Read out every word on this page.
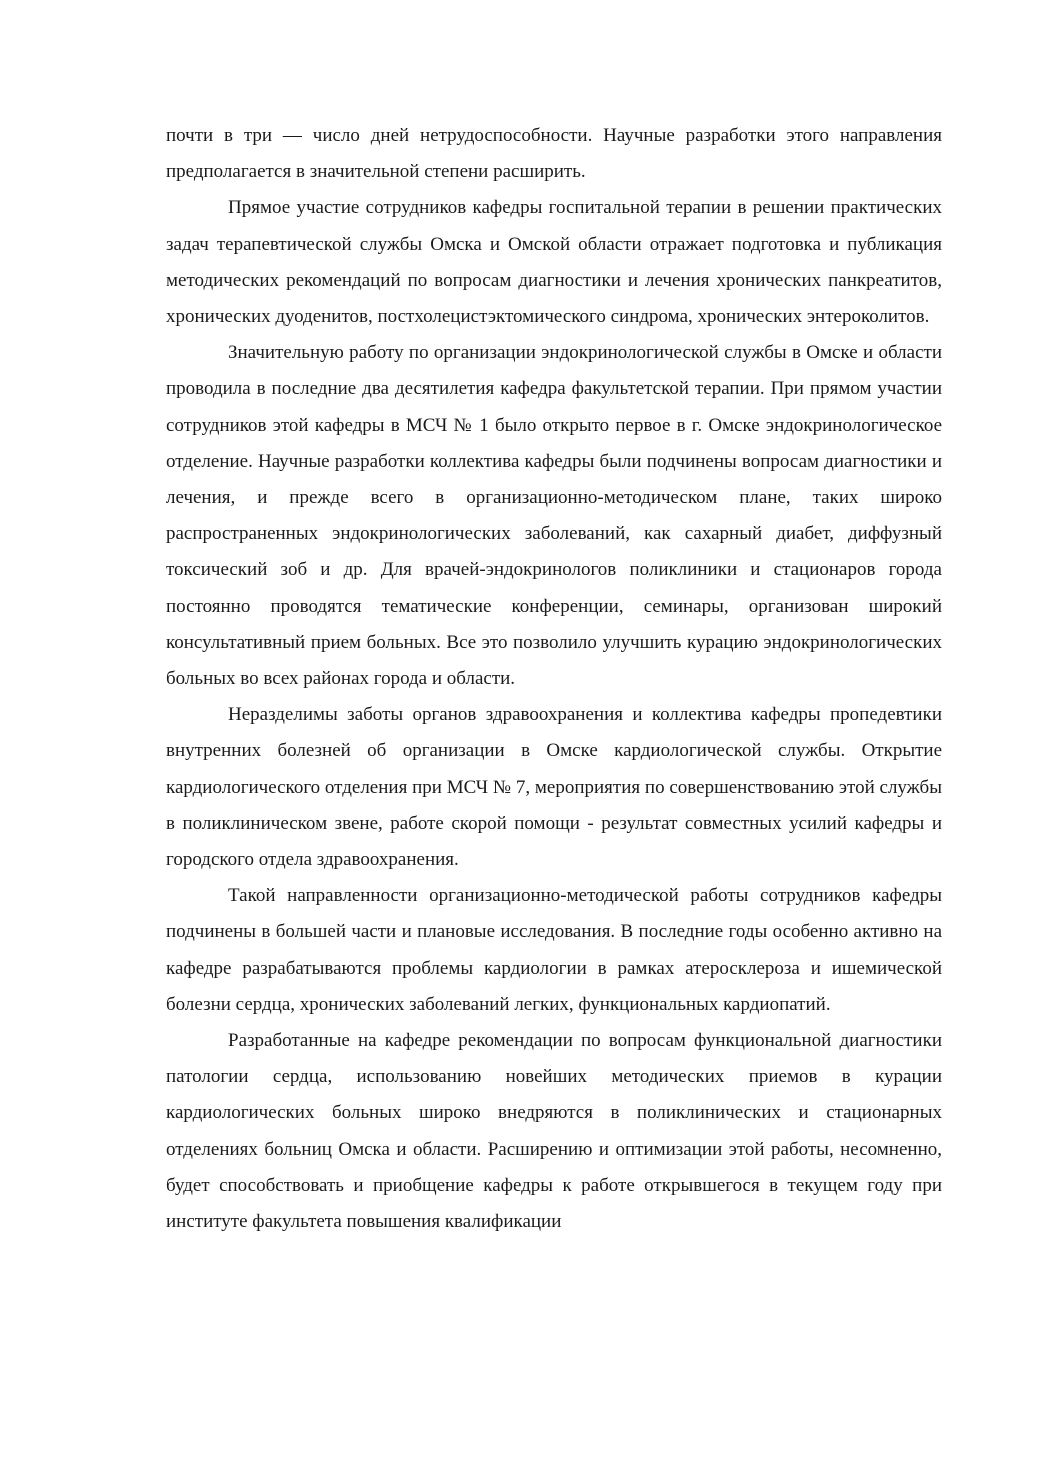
почти в три — число дней нетрудоспособности. Научные разработки этого направления предполагается в значительной степени расширить.

Прямое участие сотрудников кафедры госпитальной терапии в решении практических задач терапевтической службы Омска и Омской области отражает подготовка и публикация методических рекомендаций по вопросам диагностики и лечения хронических панкреатитов, хронических дуоденитов, постхолецистэктомического синдрома, хронических энтероколитов.

Значительную работу по организации эндокринологической службы в Омске и области проводила в последние два десятилетия кафедра факультетской терапии. При прямом участии сотрудников этой кафедры в МСЧ № 1 было открыто первое в г. Омске эндокринологическое отделение. Научные разработки коллектива кафедры были подчинены вопросам диагностики и лечения, и прежде всего в организационно-методическом плане, таких широко распространенных эндокринологических заболеваний, как сахарный диабет, диффузный токсический зоб и др. Для врачей-эндокринологов поликлиники и стационаров города постоянно проводятся тематические конференции, семинары, организован широкий консультативный прием больных. Все это позволило улучшить курацию эндокринологических больных во всех районах города и области.

Неразделимы заботы органов здравоохранения и коллектива кафедры пропедевтики внутренних болезней об организации в Омске кардиологической службы. Открытие кардиологического отделения при МСЧ № 7, мероприятия по совершенствованию этой службы в поликлиническом звене, работе скорой помощи - результат совместных усилий кафедры и городского отдела здравоохранения.

Такой направленности организационно-методической работы сотрудников кафедры подчинены в большей части и плановые исследования. В последние годы особенно активно на кафедре разрабатываются проблемы кардиологии в рамках атеросклероза и ишемической болезни сердца, хронических заболеваний легких, функциональных кардиопатий.

Разработанные на кафедре рекомендации по вопросам функциональной диагностики патологии сердца, использованию новейших методических приемов в курации кардиологических больных широко внедряются в поликлинических и стационарных отделениях больниц Омска и области. Расширению и оптимизации этой работы, несомненно, будет способствовать и приобщение кафедры к работе открывшегося в текущем году при институте факультета повышения квалификации
